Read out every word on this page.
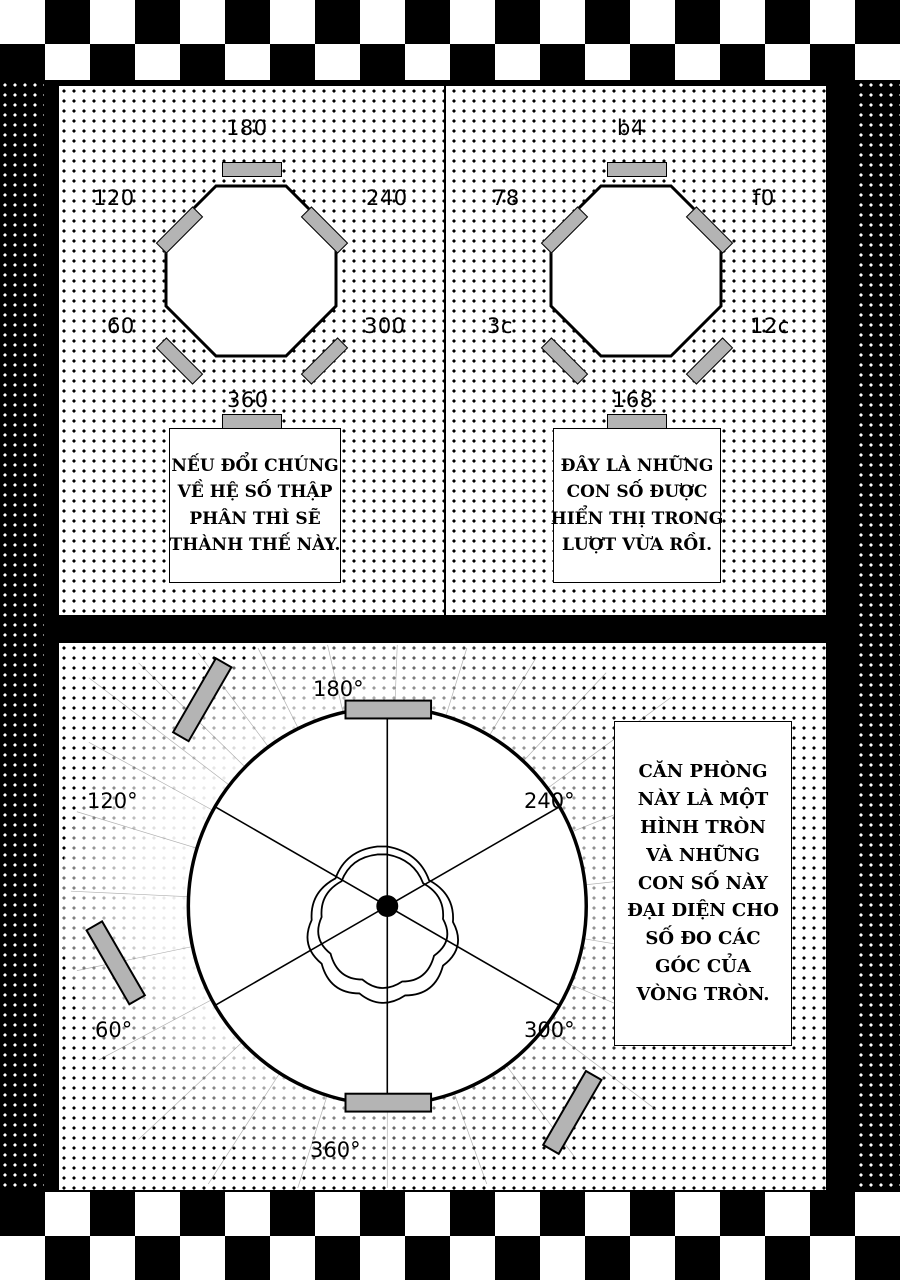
180
120	240
60	300
360
NẾU ĐỔI CHÚNG
VỀ HỆ SỐ THẬP
PHÂN THÌ SẼ
THÀNH THẾ NÀY.
b4
78	f0
3c	12c
168
ĐÂY LÀ NHỮNG
CON SỐ ĐƯỢC
HIỂN THỊ TRONG
LƯỢT VỪA RỒI.
180°
120°	240°
60°	300°
360°
CĂN PHÒNG
NÀY LÀ MỘT
HÌNH TRÒN
VÀ NHỮNG
CON SỐ NÀY
ĐẠI DIỆN CHO
SỐ ĐO CÁC
GÓC CỦA
VÒNG TRÒN.
